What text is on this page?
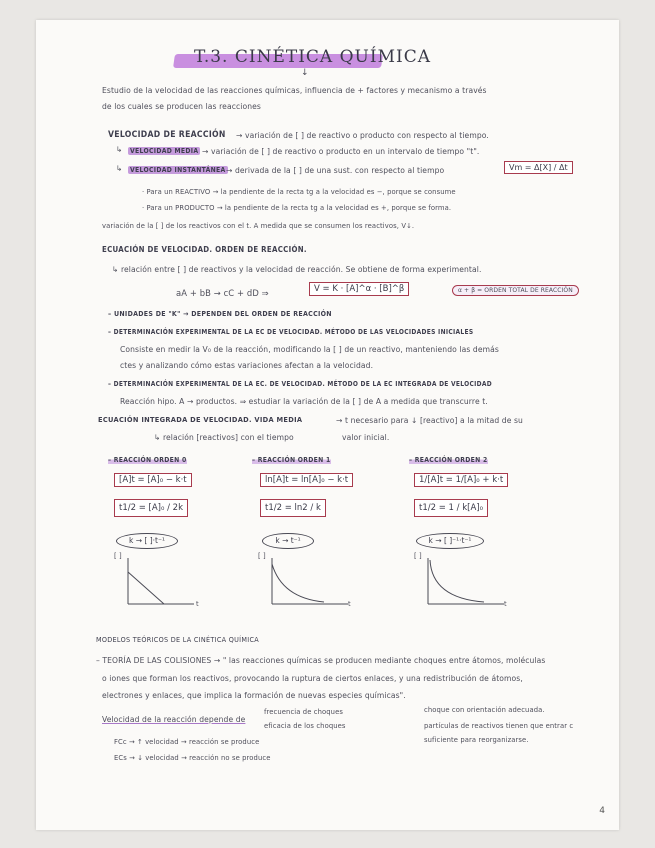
T.3. CINÉTICA QUÍMICA
↓
Estudio de la velocidad de las reacciones químicas, influencia de + factores y mecanismo a través
de los cuales se producen las reacciones
VELOCIDAD DE REACCIÓN → variación de [ ] de reactivo o producto con respecto al tiempo.
↳ VELOCIDAD MEDIA → variación de [ ] de reactivo o producto en un intervalo de tiempo "t".
↳ VELOCIDAD INSTANTÁNEA → derivada de la [ ] de una sust. con respecto al tiempo	Vm = Δ[X] / Δt
· Para un REACTIVO → la pendiente de la recta tg a la velocidad es −, porque se consume
· Para un PRODUCTO → la pendiente de la recta tg a la velocidad es +, porque se forma.
variación de la [ ] de los reactivos con el t. A medida que se consumen los reactivos, V↓.
ECUACIÓN DE VELOCIDAD. ORDEN DE REACCIÓN.
↳ relación entre [ ] de reactivos y la velocidad de reacción. Se obtiene de forma experimental.
aA + bB → cC + dD ⇒	V = K · [A]^α · [B]^β	α + β = ORDEN TOTAL DE REACCIÓN
– UNIDADES DE "K" → DEPENDEN DEL ORDEN DE REACCIÓN
– DETERMINACIÓN EXPERIMENTAL DE LA EC DE VELOCIDAD. MÉTODO DE LAS VELOCIDADES INICIALES
Consiste en medir la V₀ de la reacción, modificando la [ ] de un reactivo, manteniendo las demás
ctes y analizando cómo estas variaciones afectan a la velocidad.
– DETERMINACIÓN EXPERIMENTAL DE LA EC. DE VELOCIDAD. MÉTODO DE LA EC INTEGRADA DE VELOCIDAD
Reacción hipo. A → productos. ⇒ estudiar la variación de la [ ] de A a medida que transcurre t.
ECUACIÓN INTEGRADA DE VELOCIDAD. VIDA MEDIA	→ t necesario para ↓ [reactivo] a la mitad de su
↳ relación [reactivos] con el tiempo	valor inicial.
– REACCIÓN ORDEN 0
[A]t = [A]₀ − k·t
t1/2 = [A]₀ / 2k
k → [ ]·t⁻¹
– REACCIÓN ORDEN 1
ln[A]t = ln[A]₀ − k·t
t1/2 = ln2 / k
k → t⁻¹
– REACCIÓN ORDEN 2
1/[A]t = 1/[A]₀ + k·t
t1/2 = 1 / k[A]₀
k → [ ]⁻¹·t⁻¹
[ ]
t
[ ]
t
[ ]
t
MODELOS TEÓRICOS DE LA CINÉTICA QUÍMICA
– TEORÍA DE LAS COLISIONES → " las reacciones químicas se producen mediante choques entre átomos, moléculas
o iones que forman los reactivos, provocando la ruptura de ciertos enlaces, y una redistribución de átomos,
electrones y enlaces, que implica la formación de nuevas especies químicas".
Velocidad de la reacción depende de
frecuencia de choques
eficacia de los choques
choque con orientación adecuada.
partículas de reactivos tienen que entrar c
suficiente para reorganizarse.
FCc → ↑ velocidad → reacción se produce
ECs → ↓ velocidad → reacción no se produce
4
